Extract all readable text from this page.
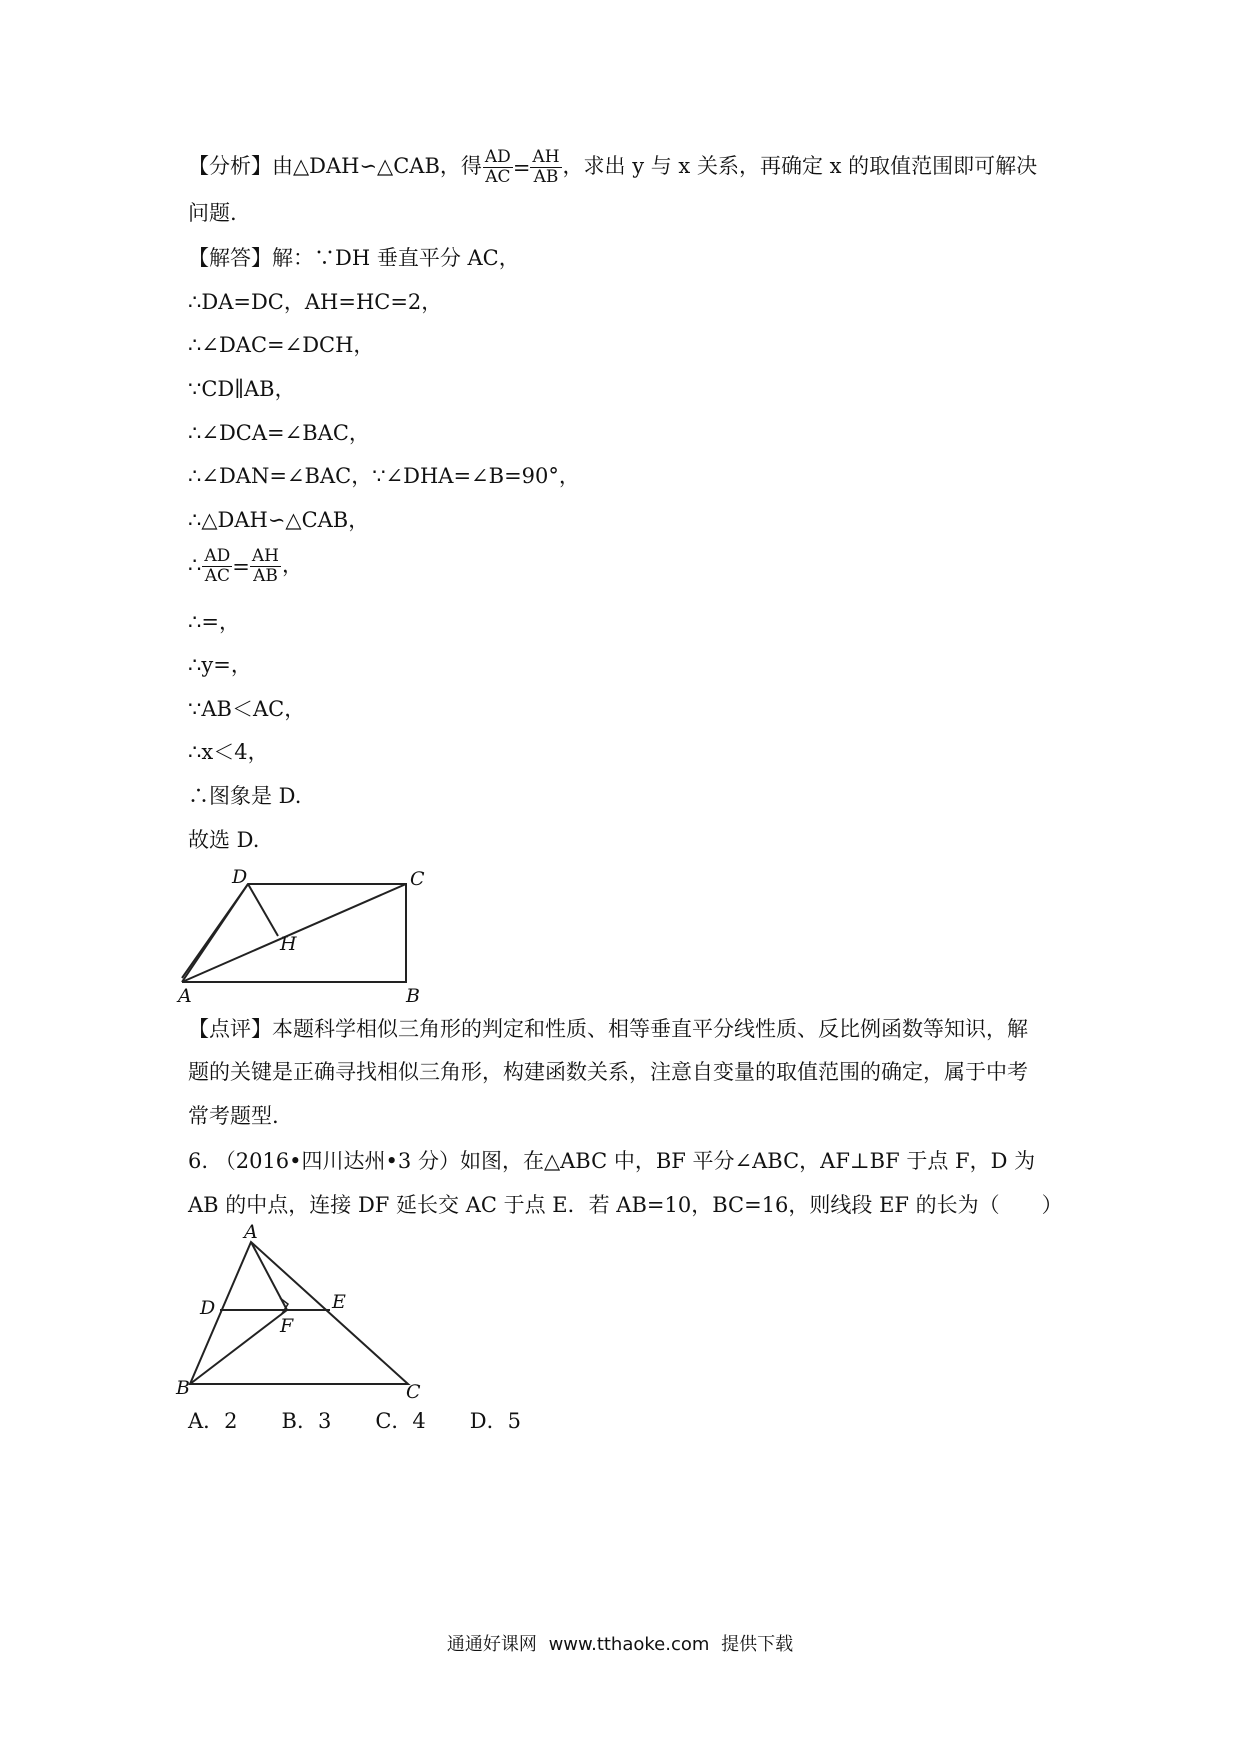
【分析】由△DAH∽△CAB，得 $\frac{AD}{AC} = \frac{AH}{AB}$ ，求出 y 与 x 关系，再确定 x 的取值范围即可解决
问题.
【解答】解：∵DH 垂直平分 AC，
∴DA=DC，AH=HC=2，
∴∠DAC=∠DCH，
∵CD∥AB，
∴∠DCA=∠BAC，
∴∠DAN=∠BAC，∵∠DHA=∠B=90°，
∴△DAH∽△CAB，
∴ $\frac{AD}{AC} = \frac{AH}{AB}$ ，
∴=，
∴y=，
∵AB＜AC，
∴x＜4，
∴图象是 D.
故选 D.
D	C
H
A	B
【点评】本题科学相似三角形的判定和性质、相等垂直平分线性质、反比例函数等知识，解
题的关键是正确寻找相似三角形，构建函数关系，注意自变量的取值范围的确定，属于中考
常考题型.
6. （2016•四川达州•3 分）如图，在△ABC 中，BF 平分∠ABC，AF⊥BF 于点 F，D 为
AB 的中点，连接 DF 延长交 AC 于点 E．若 AB=10，BC=16，则线段 EF 的长为（　　）
A
D	E
F
B	C
A．2 B．3 C．4 D．5
通通好课网 www.tthaoke.com 提供下载
